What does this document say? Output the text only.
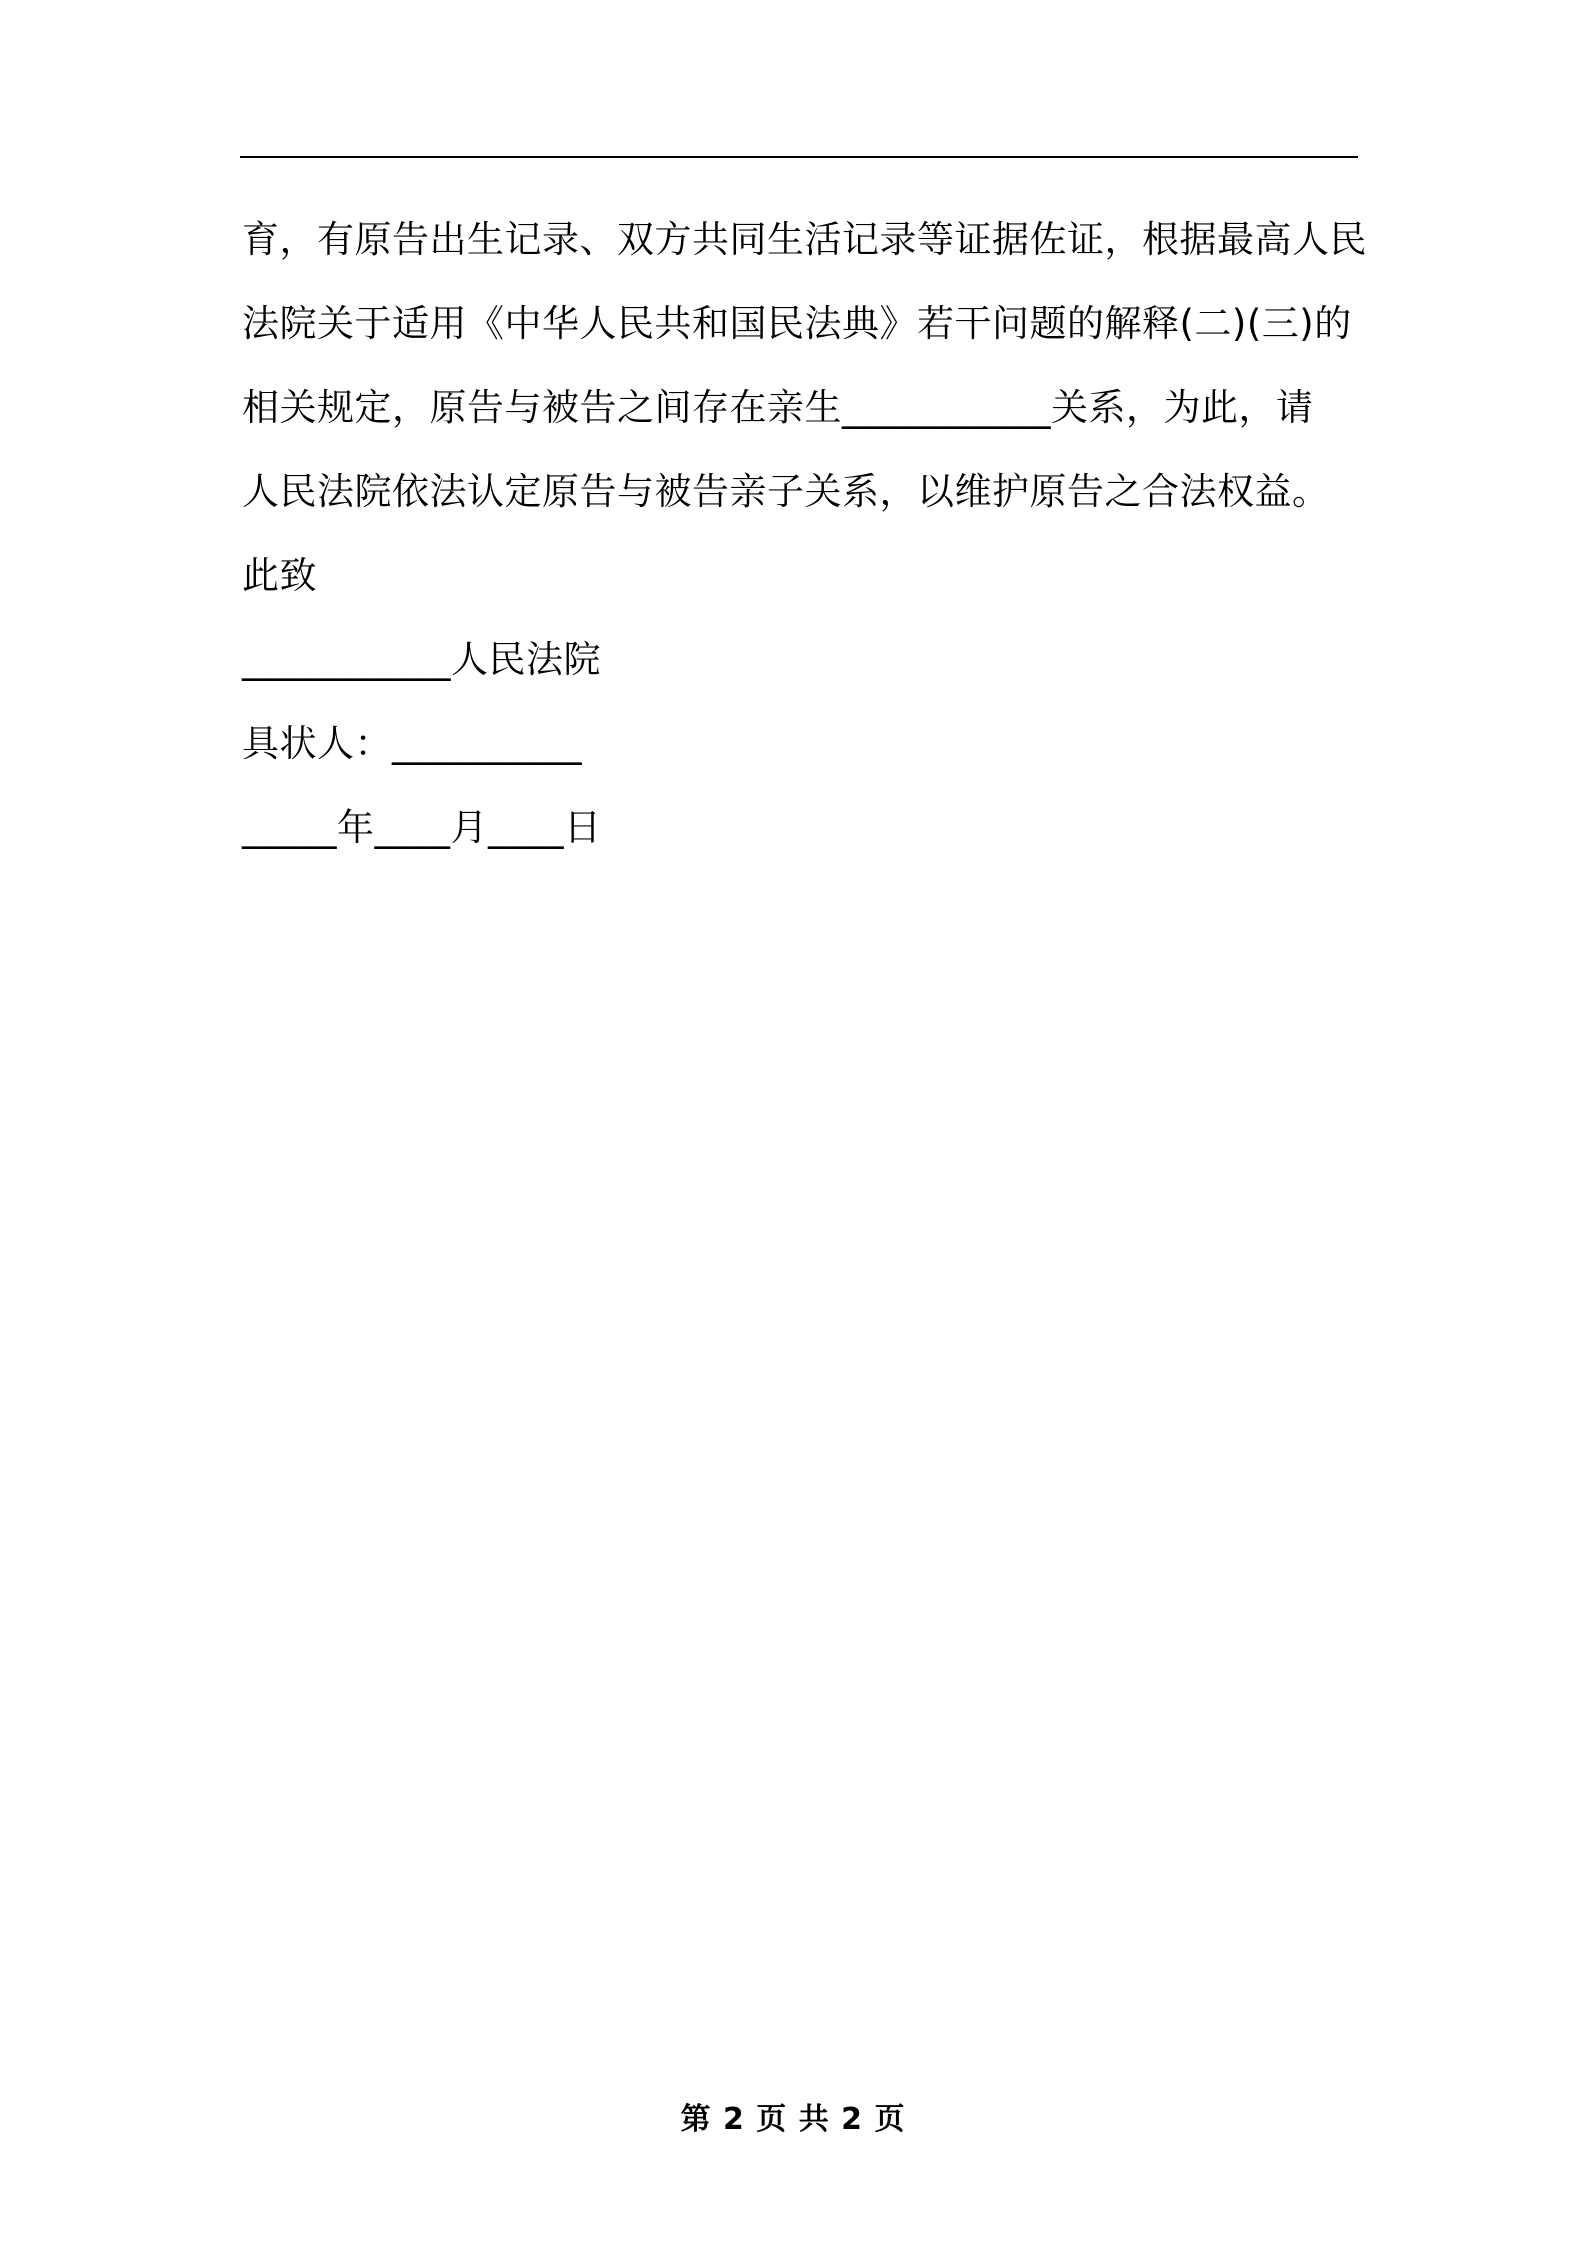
育，有原告出生记录、双方共同生活记录等证据佐证，根据最高人民
法院关于适用《中华人民共和国民法典》若干问题的解释(二)(三)的
相关规定，原告与被告之间存在亲生___________关系，为此，请
人民法院依法认定原告与被告亲子关系，以维护原告之合法权益。
此致
___________人民法院
具状人：__________
_____年____月____日
第 2 页 共 2 页
